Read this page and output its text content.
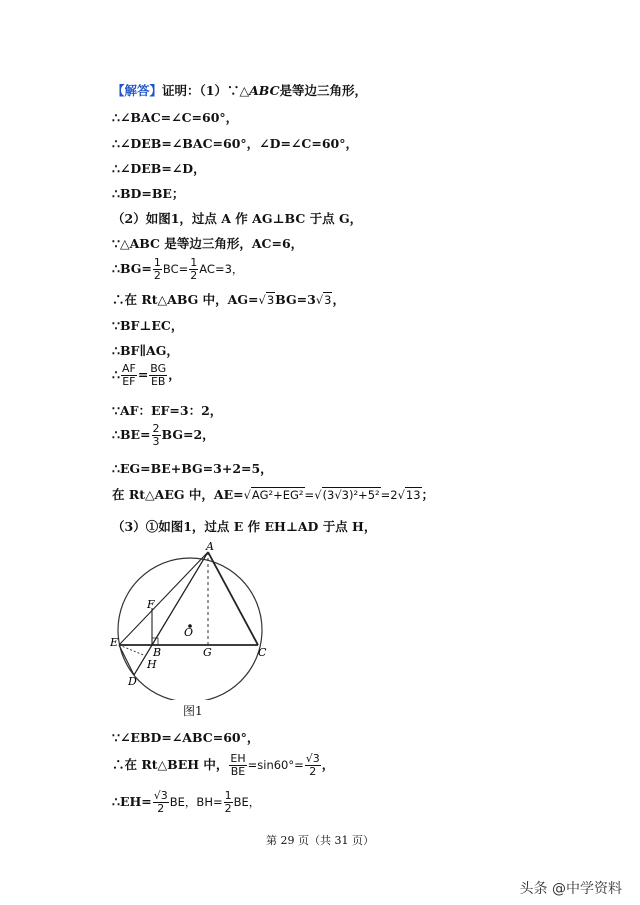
【解答】证明：（1）∵△ABC是等边三角形，
∴∠BAC=∠C=60°，
∴∠DEB=∠BAC=60°，∠D=∠C=60°，
∴∠DEB=∠D，
∴BD=BE；
（2）如图1，过点 A 作 AG⊥BC 于点 G，
∵△ABC 是等边三角形，AC=6，
∴BG= $\frac{1}{2} BC= \frac{1}{2} AC=3$，
∴在 Rt△ABG 中，AG=√3BG=3√3，
∵BF⊥EC，
∴BF∥AG，
∴ $\frac{AF}{EF} = \frac{BG}{EB}$ ，
∵AF：EF=3：2，
∴BE= $\frac{2}{3} BG=2$，
∴EG=BE+BG=3+2=5，
在 Rt△AEG 中，AE=√AG²+EG²=√(3√3)²+5²=2√13；
（3）①如图1，过点 E 作 EH⊥AD 于点 H，
A
F
O
E
B	G	C
H
D
图1
∵∠EBD=∠ABC=60°，
∴在 Rt△BEH 中， $\frac{EH}{BE} =\sin 60^\circ= \frac{√3}{2}$ ，
∴EH= $\frac{√3}{2}$ BE，$BH= \frac{1}{2}$ BE，
第 29 页（共 31 页）
头条 @中学资料
